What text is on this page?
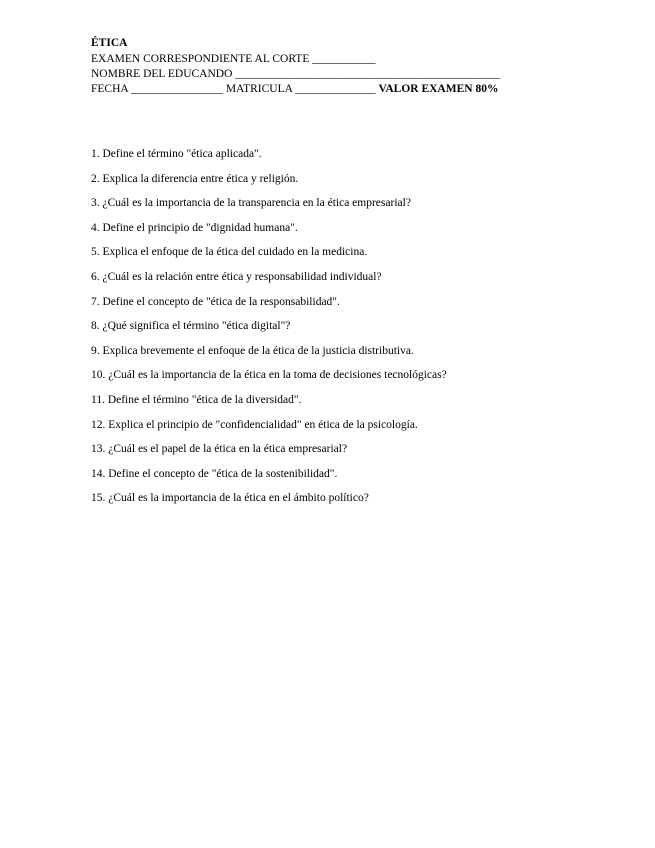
ÉTICA
EXAMEN CORRESPONDIENTE AL CORTE ___________
NOMBRE DEL EDUCANDO ______________________________________________
FECHA ________________ MATRICULA ______________ VALOR EXAMEN 80%
1. Define el término "ética aplicada".
2. Explica la diferencia entre ética y religión.
3. ¿Cuál es la importancia de la transparencia en la ética empresarial?
4. Define el principio de "dignidad humana".
5. Explica el enfoque de la ética del cuidado en la medicina.
6. ¿Cuál es la relación entre ética y responsabilidad individual?
7. Define el concepto de "ética de la responsabilidad".
8. ¿Qué significa el término "ética digital"?
9. Explica brevemente el enfoque de la ética de la justicia distributiva.
10. ¿Cuál es la importancia de la ética en la toma de decisiones tecnológicas?
11. Define el término "ética de la diversidad".
12. Explica el principio de "confidencialidad" en ética de la psicología.
13. ¿Cuál es el papel de la ética en la ética empresarial?
14. Define el concepto de "ética de la sostenibilidad".
15. ¿Cuál es la importancia de la ética en el ámbito político?
